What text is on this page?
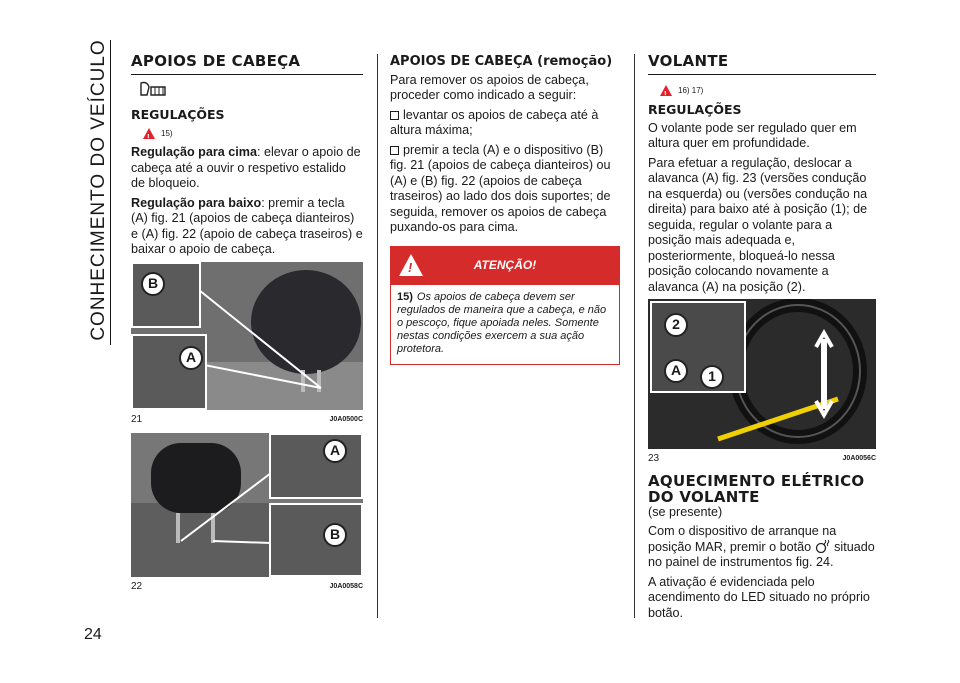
CONHECIMENTO DO VEÍCULO
24
APOIOS DE CABEÇA
REGULAÇÕES
!
15)

Regulação para cima: elevar o apoio de cabeça até a ouvir o respetivo estalido de bloqueio.

Regulação para baixo: premir a tecla (A) fig. 21 (apoios de cabeça dianteiros) e (A) fig. 22 (apoio de cabeça traseiros) e baixar o apoio de cabeça.

B
A
21	J0A0500C
A
B
22	J0A0058C
APOIOS DE CABEÇA (remoção)

Para remover os apoios de cabeça, proceder como indicado a seguir:

levantar os apoios de cabeça até à altura máxima;

premir a tecla (A) e o dispositivo (B) fig. 21 (apoios de cabeça dianteiros) ou (A) e (B) fig. 22 (apoios de cabeça traseiros) ao lado dos dois suportes; de seguida, remover os apoios de cabeça puxando-os para cima.

!
ATENÇÃO!
15) Os apoios de cabeça devem ser regulados de maneira que a cabeça, e não o pescoço, fique apoiada neles. Somente nestas condições exercem a sua ação protetora.
VOLANTE
!
16) 17)
REGULAÇÕES

O volante pode ser regulado quer em altura quer em profundidade.

Para efetuar a regulação, deslocar a alavanca (A) fig. 23 (versões condução na esquerda) ou (versões condução na direita) para baixo até à posição (1); de seguida, regular o volante para a posição mais adequada e, posteriormente, bloqueá-lo nessa posição colocando novamente a alavanca (A) na posição (2).

2
A	1
23	J0A0056C
AQUECIMENTO ELÉTRICO DO VOLANTE

(se presente)

Com o dispositivo de arranque na posição MAR, premir o botão situado no painel de instrumentos fig. 24.

A ativação é evidenciada pelo acendimento do LED situado no próprio botão.
